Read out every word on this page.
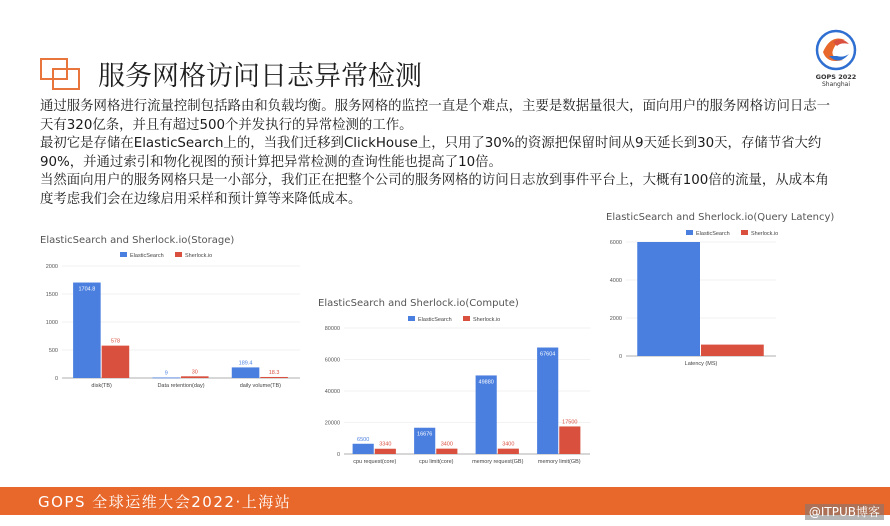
服务网格访问日志异常检测	GOPS 2022
Shanghai

通过服务网格进行流量控制包括路由和负载均衡。服务网格的监控一直是个难点，主要是数据量很大，面向用户的服务网格访问日志一天有320亿条，并且有超过500个并发执行的异常检测的工作。

最初它是存储在ElasticSearch上的，当我们迁移到ClickHouse上，只用了30%的资源把保留时间从9天延长到30天，存储节省大约90%，并通过索引和物化视图的预计算把异常检测的查询性能也提高了10倍。

当然面向用户的服务网格只是一小部分，我们正在把整个公司的服务网格的访问日志放到事件平台上，大概有100倍的流量，从成本角度考虑我们会在边缘启用采样和预计算等来降低成本。

ElasticSearch and Sherlock.io(Storage)
ElasticSearch	Sherlock.io
0
500
1000
1500
2000
1704.8
578
disk(TB)
9	30
Data retention(day)
189.4
18.3
daily volume(TB)
ElasticSearch and Sherlock.io(Compute)
ElasticSearch	Sherlock.io
0
20000
40000
60000
80000
6500
3340
cpu request(core)
16676
3400
cpu limit(core)
49880
3400
memory request(GB)
67604
17500
memory limit(GB)
ElasticSearch and Sherlock.io(Query Latency)
ElasticSearch	Sherlock.io
0
2000
4000
6000
Latency (MS)
GOPS 全球运维大会2022·上海站
@ITPUB博客
